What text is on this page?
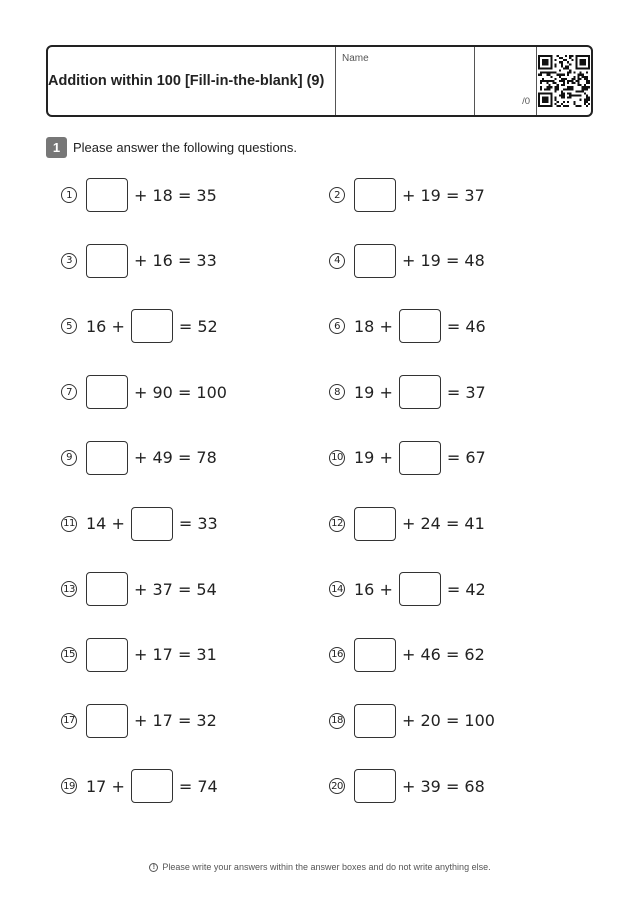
Addition within 100 [Fill-in-the-blank] (9)
Name
/0
1 Please answer the following questions.
1	+ 18 = 35	2	+ 19 = 37
3	+ 16 = 33	4	+ 19 = 48
5 16 +	= 52	6 18 +	= 46
7	+ 90 = 100	8 19 +	= 37
9	+ 49 = 78	10 19 +	= 67
11 14 +	= 33	12	+ 24 = 41
13	+ 37 = 54	14 16 +	= 42
15	+ 17 = 31	16	+ 46 = 62
17	+ 17 = 32	18	+ 20 = 100
19 17 +	= 74	20	+ 39 = 68
! Please write your answers within the answer boxes and do not write anything else.
